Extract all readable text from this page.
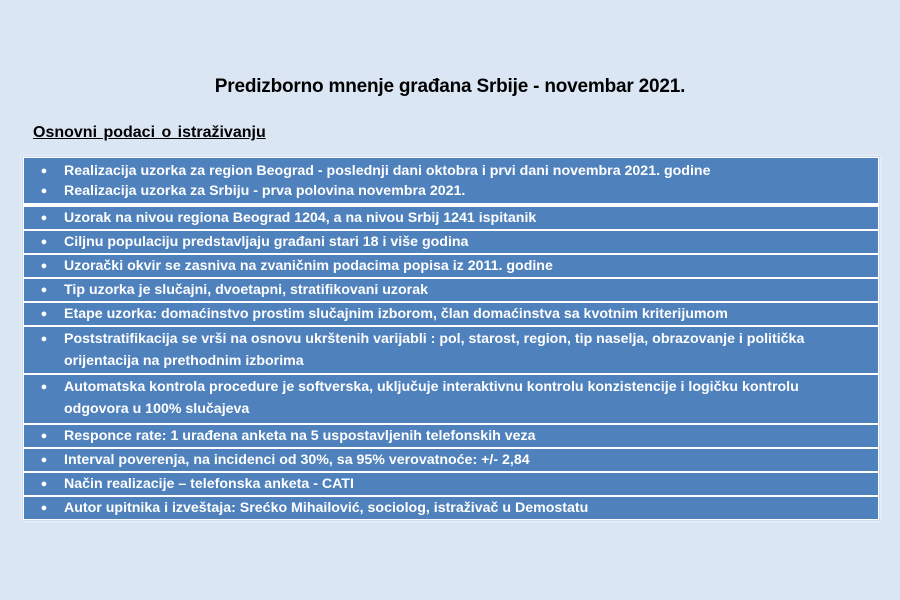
Predizborno mnenje građana Srbije - novembar 2021.
Osnovni podaci o istraživanju
●	Realizacija uzorka za region Beograd - poslednji dani oktobra i prvi dani novembra 2021. godine
●	Realizacija uzorka za Srbiju - prva polovina novembra 2021.
●	Uzorak na nivou regiona Beograd 1204, a na nivou Srbij 1241 ispitanik
●	Ciljnu populaciju predstavljaju građani stari 18 i više godina
●	Uzorački okvir se zasniva na zvaničnim podacima popisa iz 2011. godine
●	Tip uzorka je slučajni, dvoetapni, stratifikovani uzorak
●	Etape uzorka: domaćinstvo prostim slučajnim izborom, član domaćinstva sa kvotnim kriterijumom
●	Poststratifikacija se vrši na osnovu ukrštenih varijabli : pol, starost, region, tip naselja, obrazovanje i politička orijentacija na prethodnim izborima
●	Automatska kontrola procedure je softverska, uključuje interaktivnu kontrolu konzistencije i logičku kontrolu odgovora u 100% slučajeva
●	Responce rate: 1 urađena anketa na 5 uspostavljenih telefonskih veza
●	Interval poverenja, na incidenci od 30%, sa 95% verovatnoće: +/- 2,84
●	Način realizacije – telefonska anketa - CATI
●	Autor upitnika i izveštaja: Srećko Mihailović, sociolog, istraživač u Demostatu
